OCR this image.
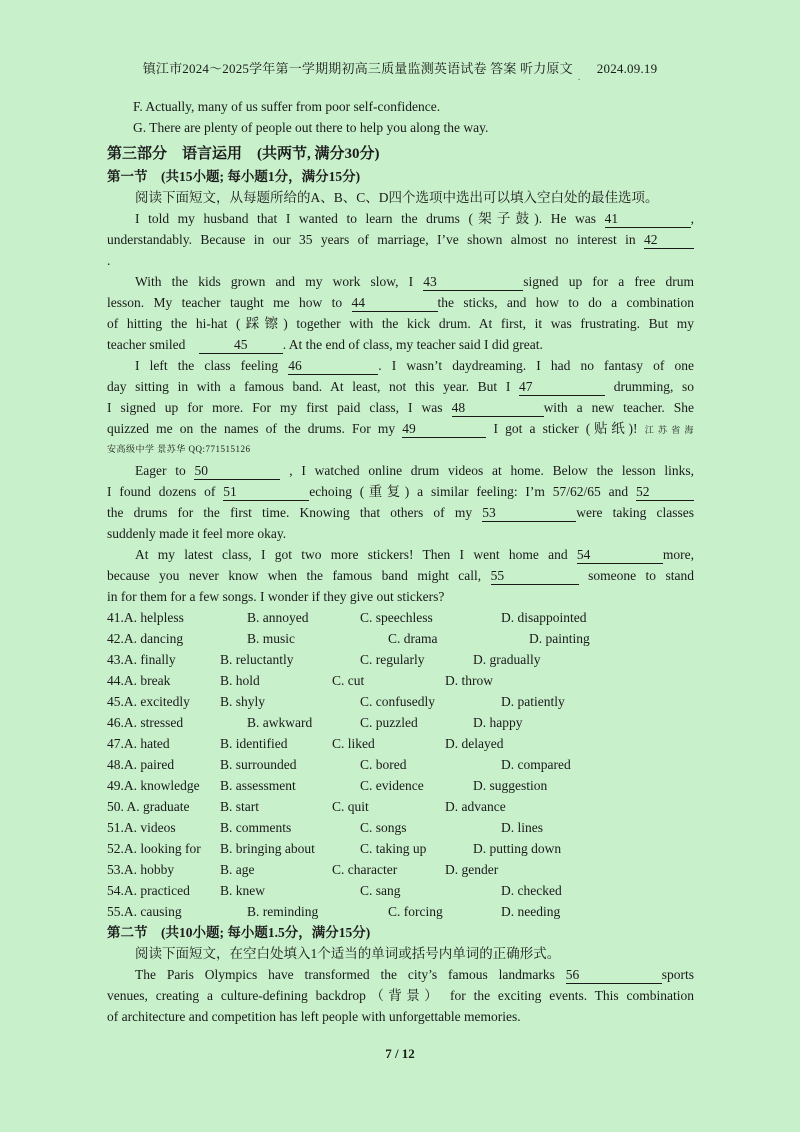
镇江市2024～2025学年第一学期期初高三质量监测英语试卷 答案 听力原文 2024.09.19
.
F. Actually, many of us suffer from poor self-confidence.
G. There are plenty of people out there to help you along the way.
第三部分　语言运用　(共两节, 满分30分)
第一节　(共15小题; 每小题1分，满分15分)
阅读下面短文，从每题所给的A、B、C、D四个选项中选出可以填入空白处的最佳选项。
I told my husband that I wanted to learn the drums (架子鼓). He was 41	,
understandably. Because in our 35 years of marriage, I’ve shown almost no interest in 42
.
With the kids grown and my work slow, I 43	signed up for a free drum
lesson. My teacher taught me how to 44	the sticks, and how to do a combination
of hitting the hi-hat (踩镲) together with the kick drum. At first, it was frustrating. But my
teacher smiled	45	. At the end of class, my teacher said I did great.
I left the class feeling 46	. I wasn’t daydreaming. I had no fantasy of one
day sitting in with a famous band. At least, not this year. But I 47	drumming, so
I signed up for more. For my first paid class, I was 48	with a new teacher. She
quizzed me on the names of the drums. For my 49	I got a sticker (贴纸)! 江苏省海
安高级中学 景苏华 QQ:771515126
Eager to 50	, I watched online drum videos at home. Below the lesson links,
I found dozens of 51	echoing (重复) a similar feeling: I’m 57/62/65 and 52
the drums for the first time. Knowing that others of my 53	were taking classes
suddenly made it feel more okay.
At my latest class, I got two more stickers! Then I went home and 54	more,
because you never know when the famous band might call, 55	someone to stand
in for them for a few songs. I wonder if they give out stickers?
41.A. helpless	B. annoyed	C. speechless	D. disappointed
42.A. dancing	B. music	C. drama	D. painting
43.A. finally	B. reluctantly	C. regularly	D. gradually
44.A. break	B. hold	C. cut	D. throw
45.A. excitedly B. shyly	C. confusedly	D. patiently
46.A. stressed	B. awkward	C. puzzled	D. happy
47.A. hated	B. identified	C. liked	D. delayed
48.A. paired	B. surrounded	C. bored	D. compared
49.A. knowledge B. assessment	C. evidence	D. suggestion
50. A. graduate B. start	C. quit	D. advance
51.A. videos	B. comments	C. songs	D. lines
52.A. looking for B. bringing about	C. taking up	D. putting down
53.A. hobby	B. age	C. character	D. gender
54.A. practiced B. knew	C. sang	D. checked
55.A. causing	B. reminding	C. forcing	D. needing
第二节　(共10小题; 每小题1.5分，满分15分)
阅读下面短文，在空白处填入1个适当的单词或括号内单词的正确形式。
The Paris Olympics have transformed the city’s famous landmarks 56	sports
venues, creating a culture-defining backdrop（背景） for the exciting events. This combination
of architecture and competition has left people with unforgettable memories.
7 / 12
